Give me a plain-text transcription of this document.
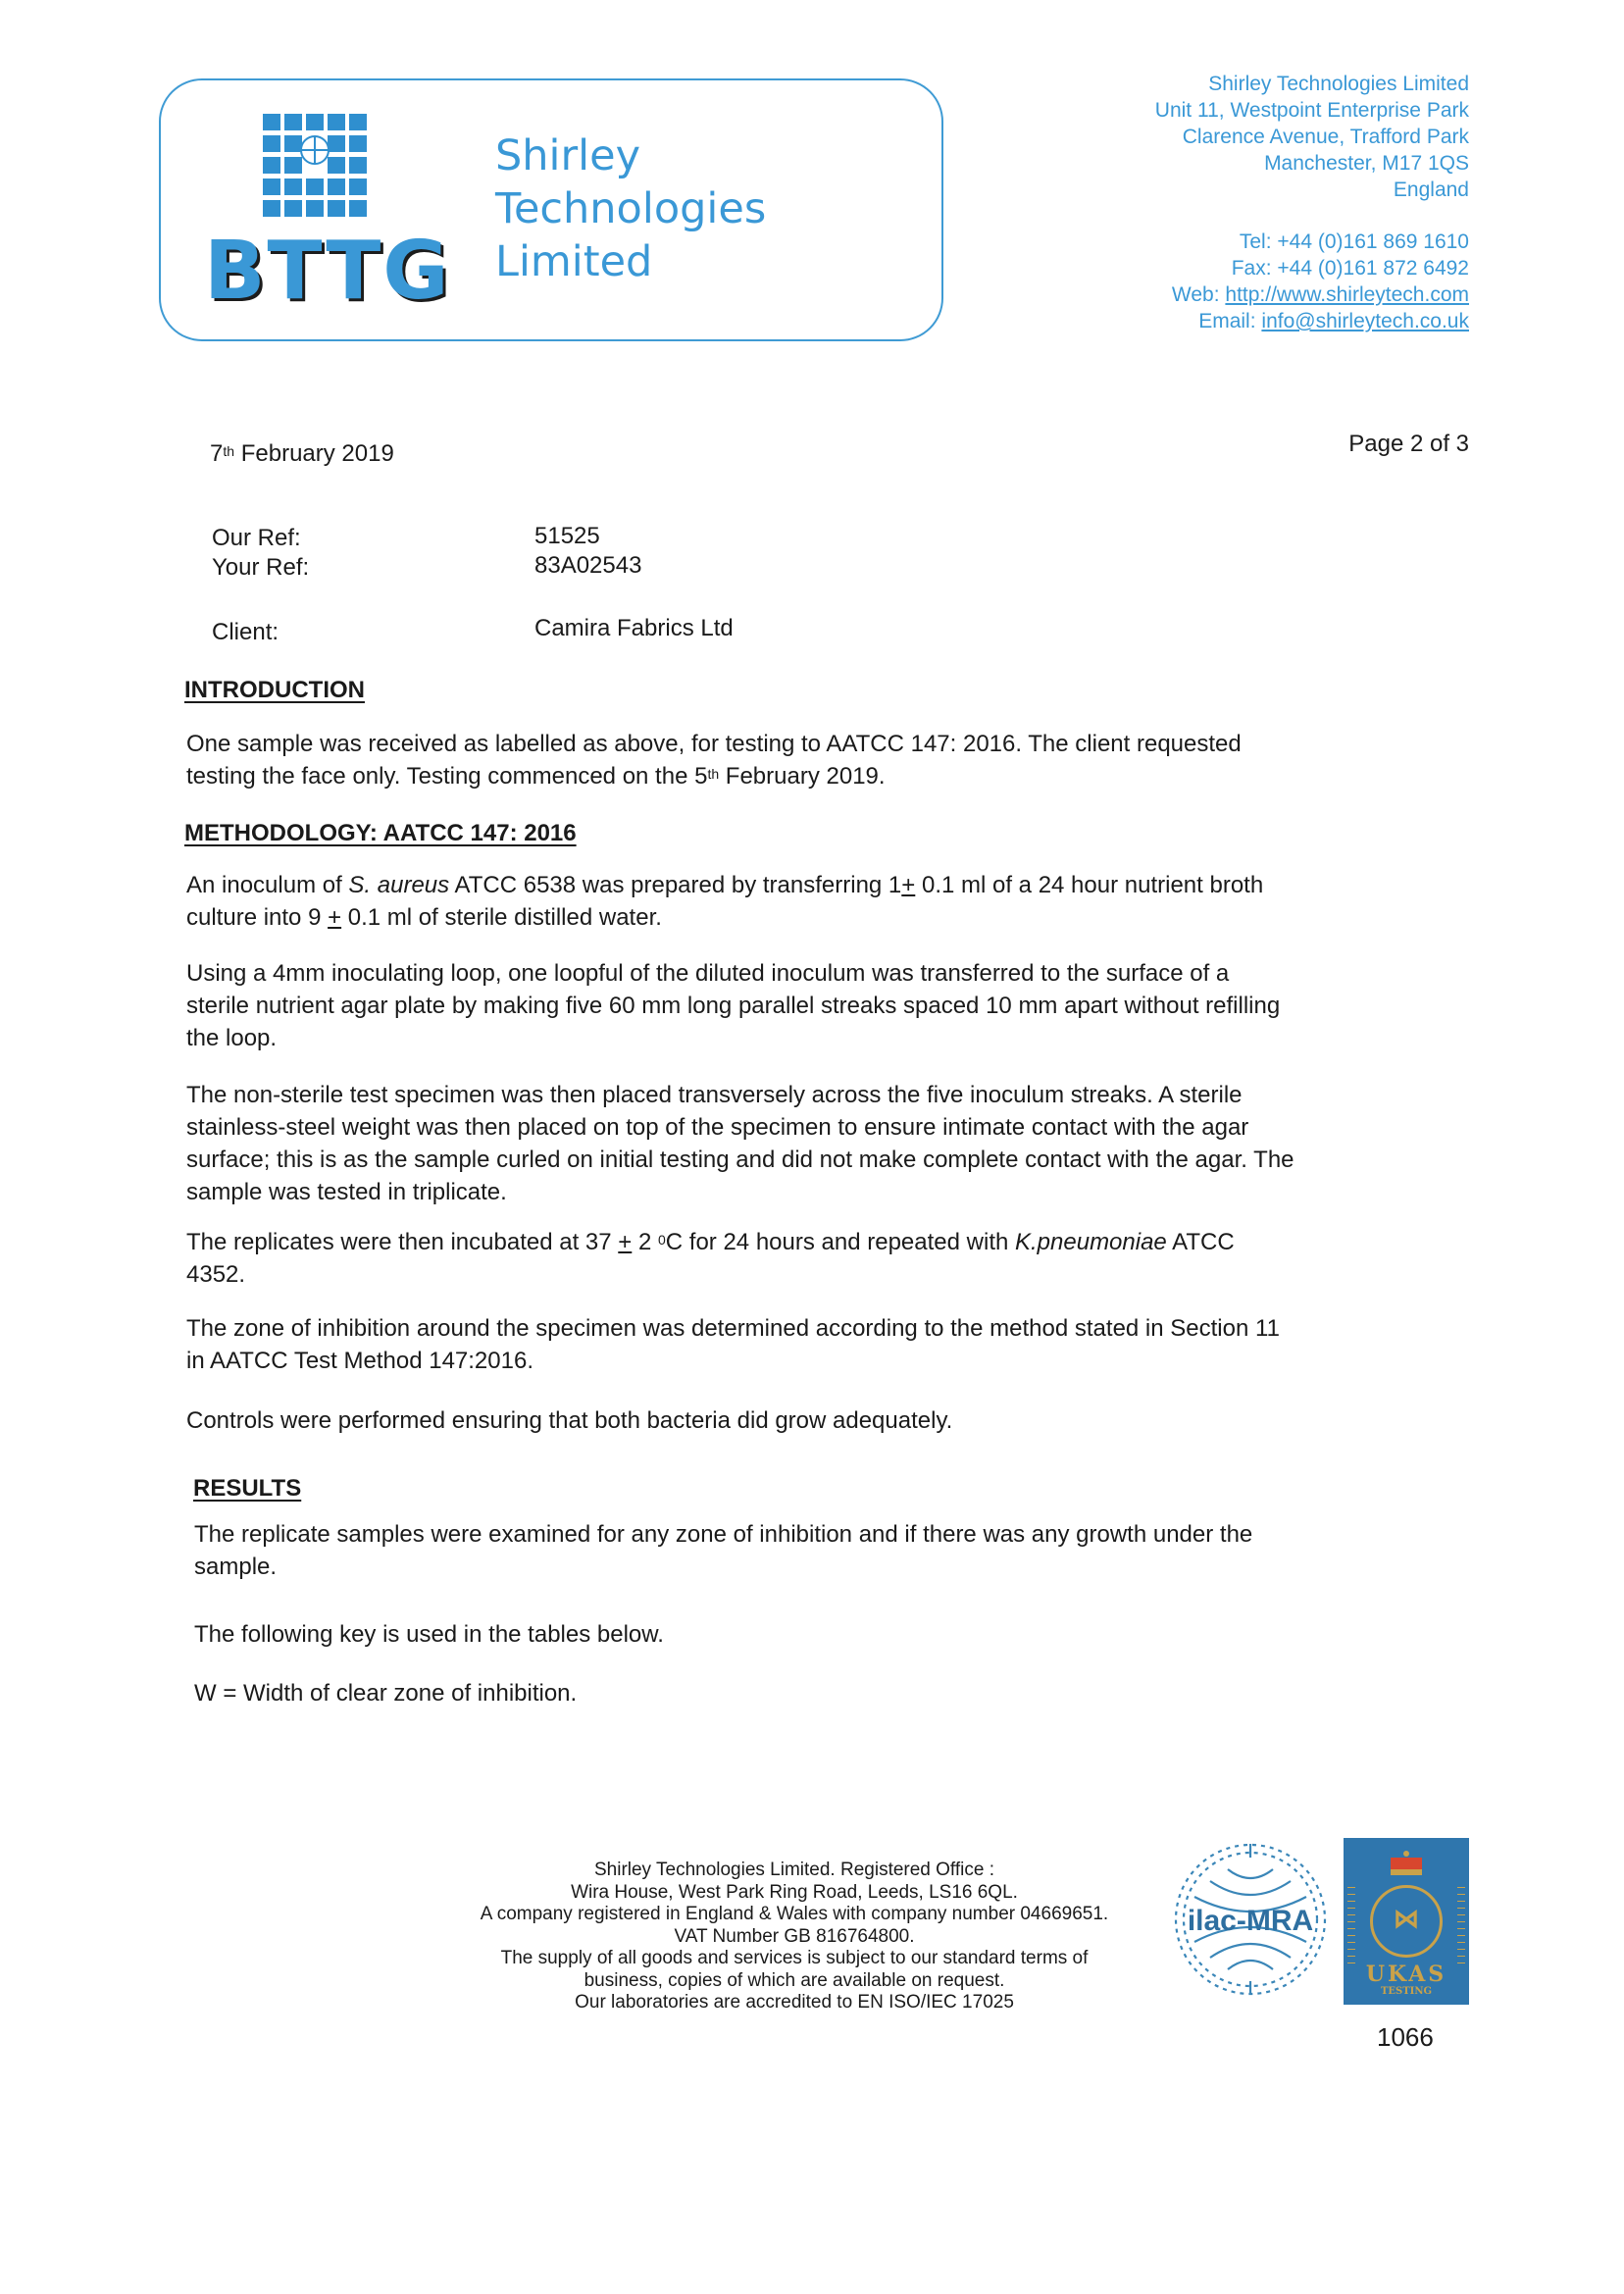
BTTG
Shirley
Technologies
Limited
Shirley Technologies Limited
Unit 11, Westpoint Enterprise Park
Clarence Avenue, Trafford Park
Manchester, M17 1QS
England
Tel: +44 (0)161 869 1610
Fax: +44 (0)161 872 6492
Web: http://www.shirleytech.com
Email: info@shirleytech.co.uk
7th February 2019	Page 2 of 3
Our Ref:	51525
Your Ref:	83A02543
Client:	Camira Fabrics Ltd
INTRODUCTION
One sample was received as labelled as above, for testing to AATCC 147: 2016. The client requested
testing the face only. Testing commenced on the 5th February 2019.
METHODOLOGY: AATCC 147: 2016
An inoculum of S. aureus ATCC 6538 was prepared by transferring 1+ 0.1 ml of a 24 hour nutrient broth
culture into 9 + 0.1 ml of sterile distilled water.
Using a 4mm inoculating loop, one loopful of the diluted inoculum was transferred to the surface of a
sterile nutrient agar plate by making five 60 mm long parallel streaks spaced 10 mm apart without refilling
the loop.
The non-sterile test specimen was then placed transversely across the five inoculum streaks. A sterile
stainless-steel weight was then placed on top of the specimen to ensure intimate contact with the agar
surface; this is as the sample curled on initial testing and did not make complete contact with the agar. The
sample was tested in triplicate.
The replicates were then incubated at 37 + 2 $^0$C for 24 hours and repeated with K.pneumoniae ATCC
4352.
The zone of inhibition around the specimen was determined according to the method stated in Section 11
in AATCC Test Method 147:2016.
Controls were performed ensuring that both bacteria did grow adequately.
RESULTS
The replicate samples were examined for any zone of inhibition and if there was any growth under the
sample.
The following key is used in the tables below.
W = Width of clear zone of inhibition.
Shirley Technologies Limited. Registered Office :
Wira House, West Park Ring Road, Leeds, LS16 6QL.
A company registered in England & Wales with company number 04669651.
VAT Number GB 816764800.
The supply of all goods and services is subject to our standard terms of
business, copies of which are available on request.
Our laboratories are accredited to EN ISO/IEC 17025
ilac-MRA	⋈
UKAS
TESTING
1066
